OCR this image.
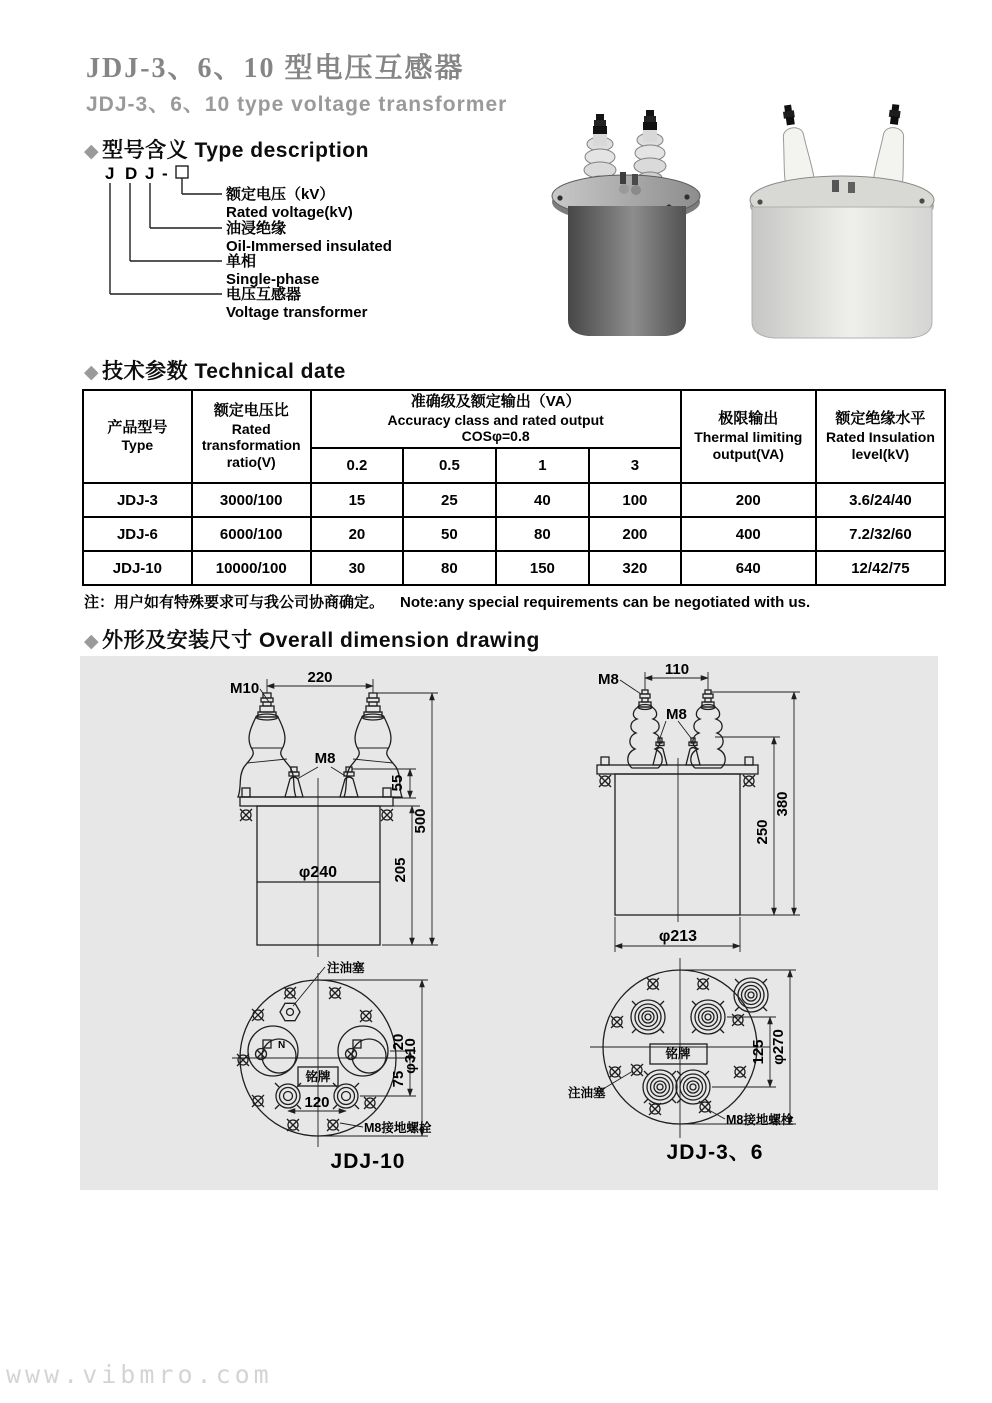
JDJ-3、6、10 型电压互感器
JDJ-3、6、10 type voltage transformer
◆ 型号含义 Type description
J D J -
额定电压（kV）
Rated voltage(kV)
油浸绝缘
Oil-Immersed insulated
单相
Single-phase
电压互感器
Voltage transformer
◆ 技术参数 Technical date
产品型号
Type

额定电压比
Rated transformation ratio(V)

准确级及额定输出（VA）
Accuracy class and rated output
COSφ=0.8

极限输出
Thermal limiting output(VA)

额定绝缘水平
Rated Insulation level(kV)

		0.2	0.5	1	3		
JDJ-3	3000/100	15	25	40	100	200	3.6/24/40
JDJ-6	6000/100	20	50	80	200	400	7.2/32/60
JDJ-10	10000/100	30	80	150	320	640	12/42/75
注：用户如有特殊要求可与我公司协商确定。 Note:any special requirements can be negotiated with us.
◆ 外形及安装尺寸 Overall dimension drawing
φ240
220
M10
M8
55
205
500
注油塞
N
铭牌
120
20
75
φ310
M8接地螺栓
JDJ-10
110
M8
M8
380
250
φ213
铭牌
注油塞
125 φ270
M8接地螺栓
JDJ-3、6
www.vibmro.com
